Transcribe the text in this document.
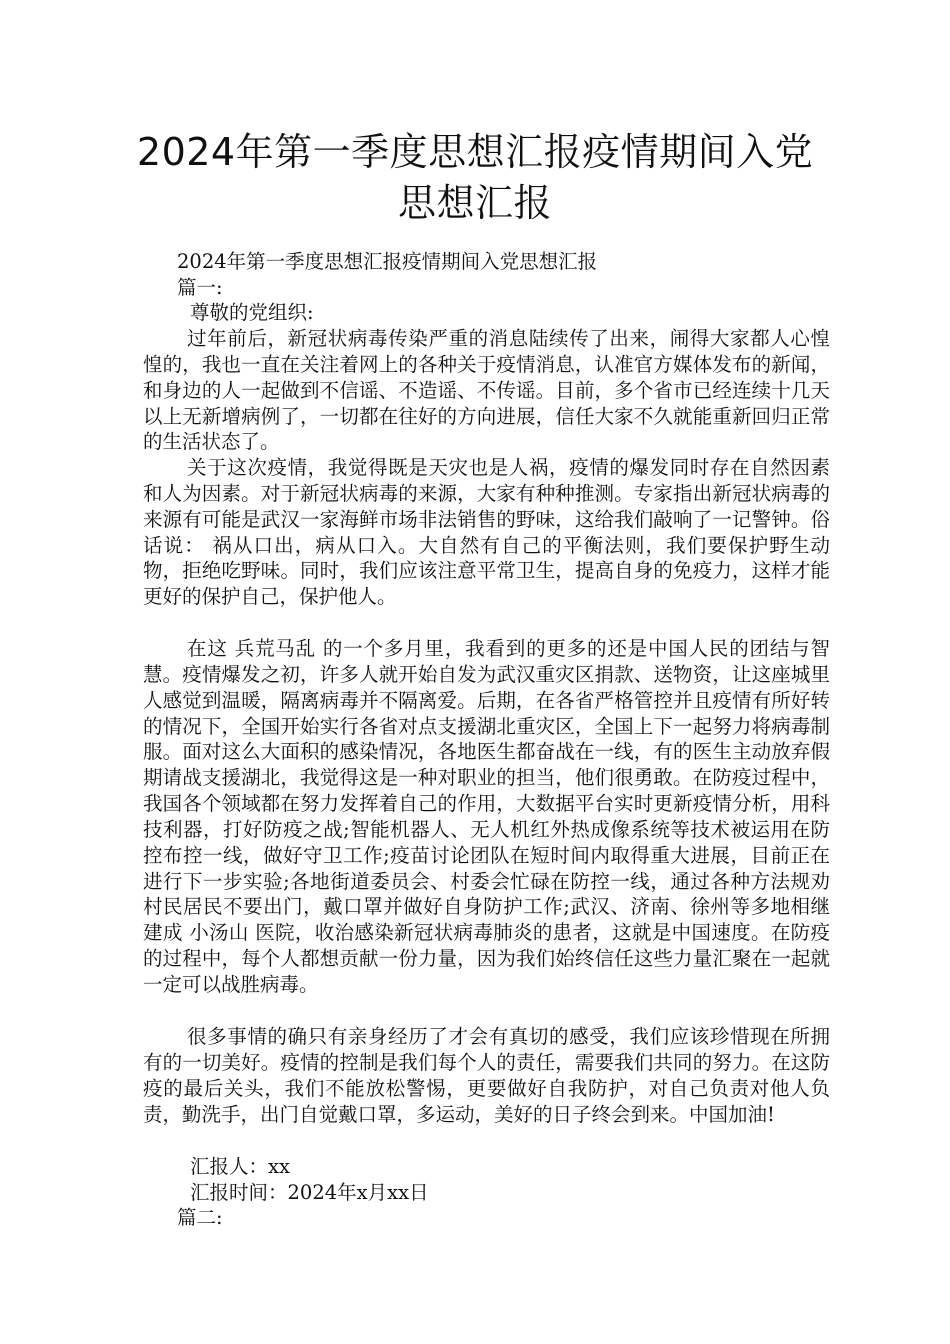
2024年第一季度思想汇报疫情期间入党
思想汇报
2024年第一季度思想汇报疫情期间入党思想汇报
篇一:
尊敬的党组织:
过年前后，新冠状病毒传染严重的消息陆续传了出来，闹得大家都人心惶惶的，我也一直在关注着网上的各种关于疫情消息，认准官方媒体发布的新闻，和身边的人一起做到不信谣、不造谣、不传谣。目前，多个省市已经连续十几天以上无新增病例了，一切都在往好的方向进展，信任大家不久就能重新回归正常的生活状态了。
关于这次疫情，我觉得既是天灾也是人祸，疫情的爆发同时存在自然因素和人为因素。对于新冠状病毒的来源，大家有种种推测。专家指出新冠状病毒的来源有可能是武汉一家海鲜市场非法销售的野味，这给我们敲响了一记警钟。俗话说： 祸从口出，病从口入。大自然有自己的平衡法则，我们要保护野生动物，拒绝吃野味。同时，我们应该注意平常卫生，提高自身的免疫力，这样才能更好的保护自己，保护他人。
在这 兵荒马乱 的一个多月里，我看到的更多的还是中国人民的团结与智慧。疫情爆发之初，许多人就开始自发为武汉重灾区捐款、送物资，让这座城里人感觉到温暖，隔离病毒并不隔离爱。后期，在各省严格管控并且疫情有所好转的情况下，全国开始实行各省对点支援湖北重灾区，全国上下一起努力将病毒制服。面对这么大面积的感染情况，各地医生都奋战在一线，有的医生主动放弃假期请战支援湖北，我觉得这是一种对职业的担当，他们很勇敢。在防疫过程中，我国各个领域都在努力发挥着自己的作用，大数据平台实时更新疫情分析，用科技利器，打好防疫之战;智能机器人、无人机红外热成像系统等技术被运用在防控布控一线，做好守卫工作;疫苗讨论团队在短时间内取得重大进展，目前正在进行下一步实验;各地街道委员会、村委会忙碌在防控一线，通过各种方法规劝村民居民不要出门，戴口罩并做好自身防护工作;武汉、济南、徐州等多地相继建成 小汤山 医院，收治感染新冠状病毒肺炎的患者，这就是中国速度。在防疫的过程中，每个人都想贡献一份力量，因为我们始终信任这些力量汇聚在一起就一定可以战胜病毒。
很多事情的确只有亲身经历了才会有真切的感受，我们应该珍惜现在所拥有的一切美好。疫情的控制是我们每个人的责任，需要我们共同的努力。在这防疫的最后关头，我们不能放松警惕，更要做好自我防护，对自己负责对他人负责，勤洗手，出门自觉戴口罩，多运动，美好的日子终会到来。中国加油!
汇报人：xx
汇报时间：2024年x月xx日
篇二:
